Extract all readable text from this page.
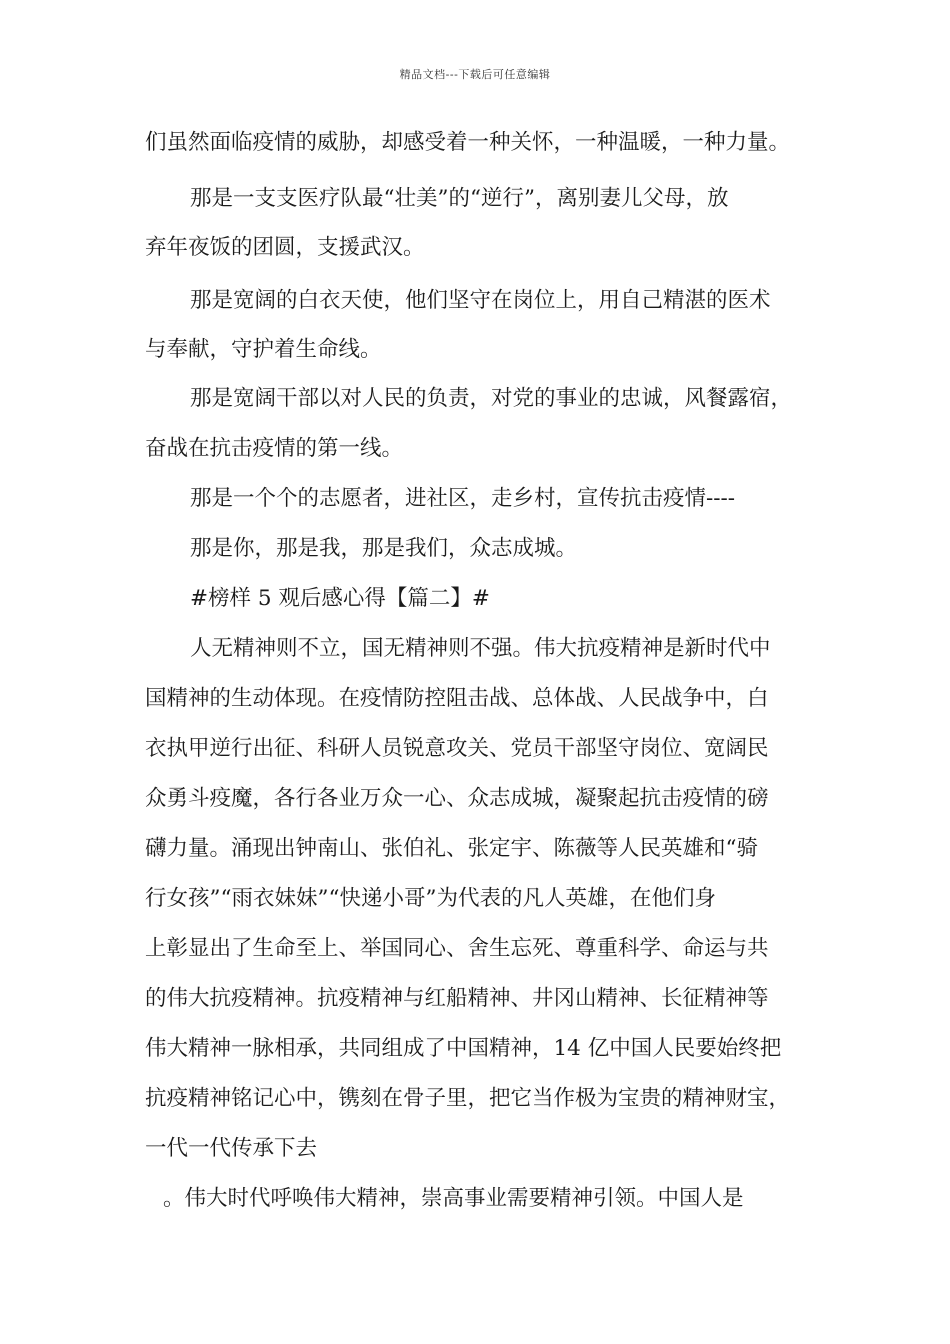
精品文档---下载后可任意编辑
们虽然面临疫情的威胁，却感受着一种关怀，一种温暖，一种力量。
那是一支支医疗队最“壮美”的“逆行”，离别妻儿父母，放
弃年夜饭的团圆，支援武汉。
那是宽阔的白衣天使，他们坚守在岗位上，用自己精湛的医术
与奉献，守护着生命线。
那是宽阔干部以对人民的负责，对党的事业的忠诚，风餐露宿，
奋战在抗击疫情的第一线。
那是一个个的志愿者，进社区，走乡村，宣传抗击疫情----
那是你，那是我，那是我们，众志成城。
#榜样 5 观后感心得【篇二】#
人无精神则不立，国无精神则不强。伟大抗疫精神是新时代中
国精神的生动体现。在疫情防控阻击战、总体战、人民战争中，白
衣执甲逆行出征、科研人员锐意攻关、党员干部坚守岗位、宽阔民
众勇斗疫魔，各行各业万众一心、众志成城，凝聚起抗击疫情的磅
礴力量。涌现出钟南山、张伯礼、张定宇、陈薇等人民英雄和“骑
行女孩”“雨衣妹妹”“快递小哥”为代表的凡人英雄，在他们身
上彰显出了生命至上、举国同心、舍生忘死、尊重科学、命运与共
的伟大抗疫精神。抗疫精神与红船精神、井冈山精神、长征精神等
伟大精神一脉相承，共同组成了中国精神，14 亿中国人民要始终把
抗疫精神铭记心中，镌刻在骨子里，把它当作极为宝贵的精神财宝，
一代一代传承下去
。伟大时代呼唤伟大精神，崇高事业需要精神引领。中国人是
